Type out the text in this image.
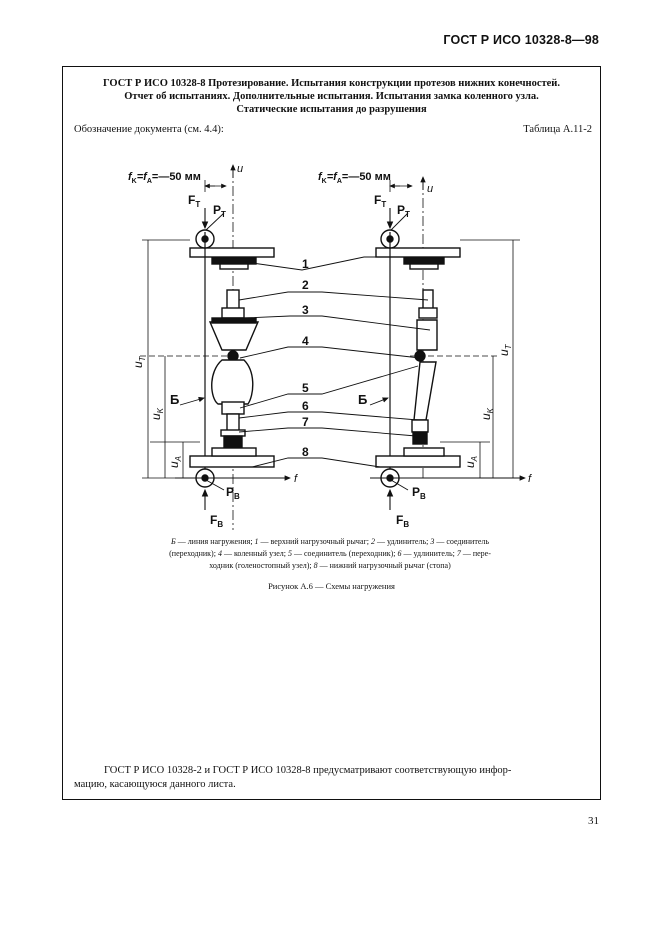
ГОСТ Р ИСО 10328-8—98
ГОСТ Р ИСО 10328-8 Протезирование. Испытания конструкции протезов нижних конечностей.
Отчет об испытаниях. Дополнительные испытания. Испытания замка коленного узла.
Статические испытания до разрушения
Обозначение документа (см. 4.4):	Таблица А.11-2
$f_K=f_A=—50$ мм
u
$F_T$ $P_T$
$u_T$
$u_K$
$u_A$
Б
$P_B$
$F_B$
f
$f_K=f_A=—50$ мм
u
$F_T$ $P_T$
$u_T$
$u_K$
$u_A$
Б
$P_B$
$F_B$
f
1
2
3
4
5
6
7
8
Б — линия нагружения; 1 — верхний нагрузочный рычаг; 2 — удлинитель; 3 — соединитель
(переходник); 4 — коленный узел; 5 — соединитель (переходник); 6 — удлинитель; 7 — пере-
ходник (голеностопный узел); 8 — нижний нагрузочный рычаг (стопа)
Рисунок А.6 — Схемы нагружения
ГОСТ Р ИСО 10328-2 и ГОСТ Р ИСО 10328-8 предусматривают соответствующую инфор-
мацию, касающуюся данного листа.
31
